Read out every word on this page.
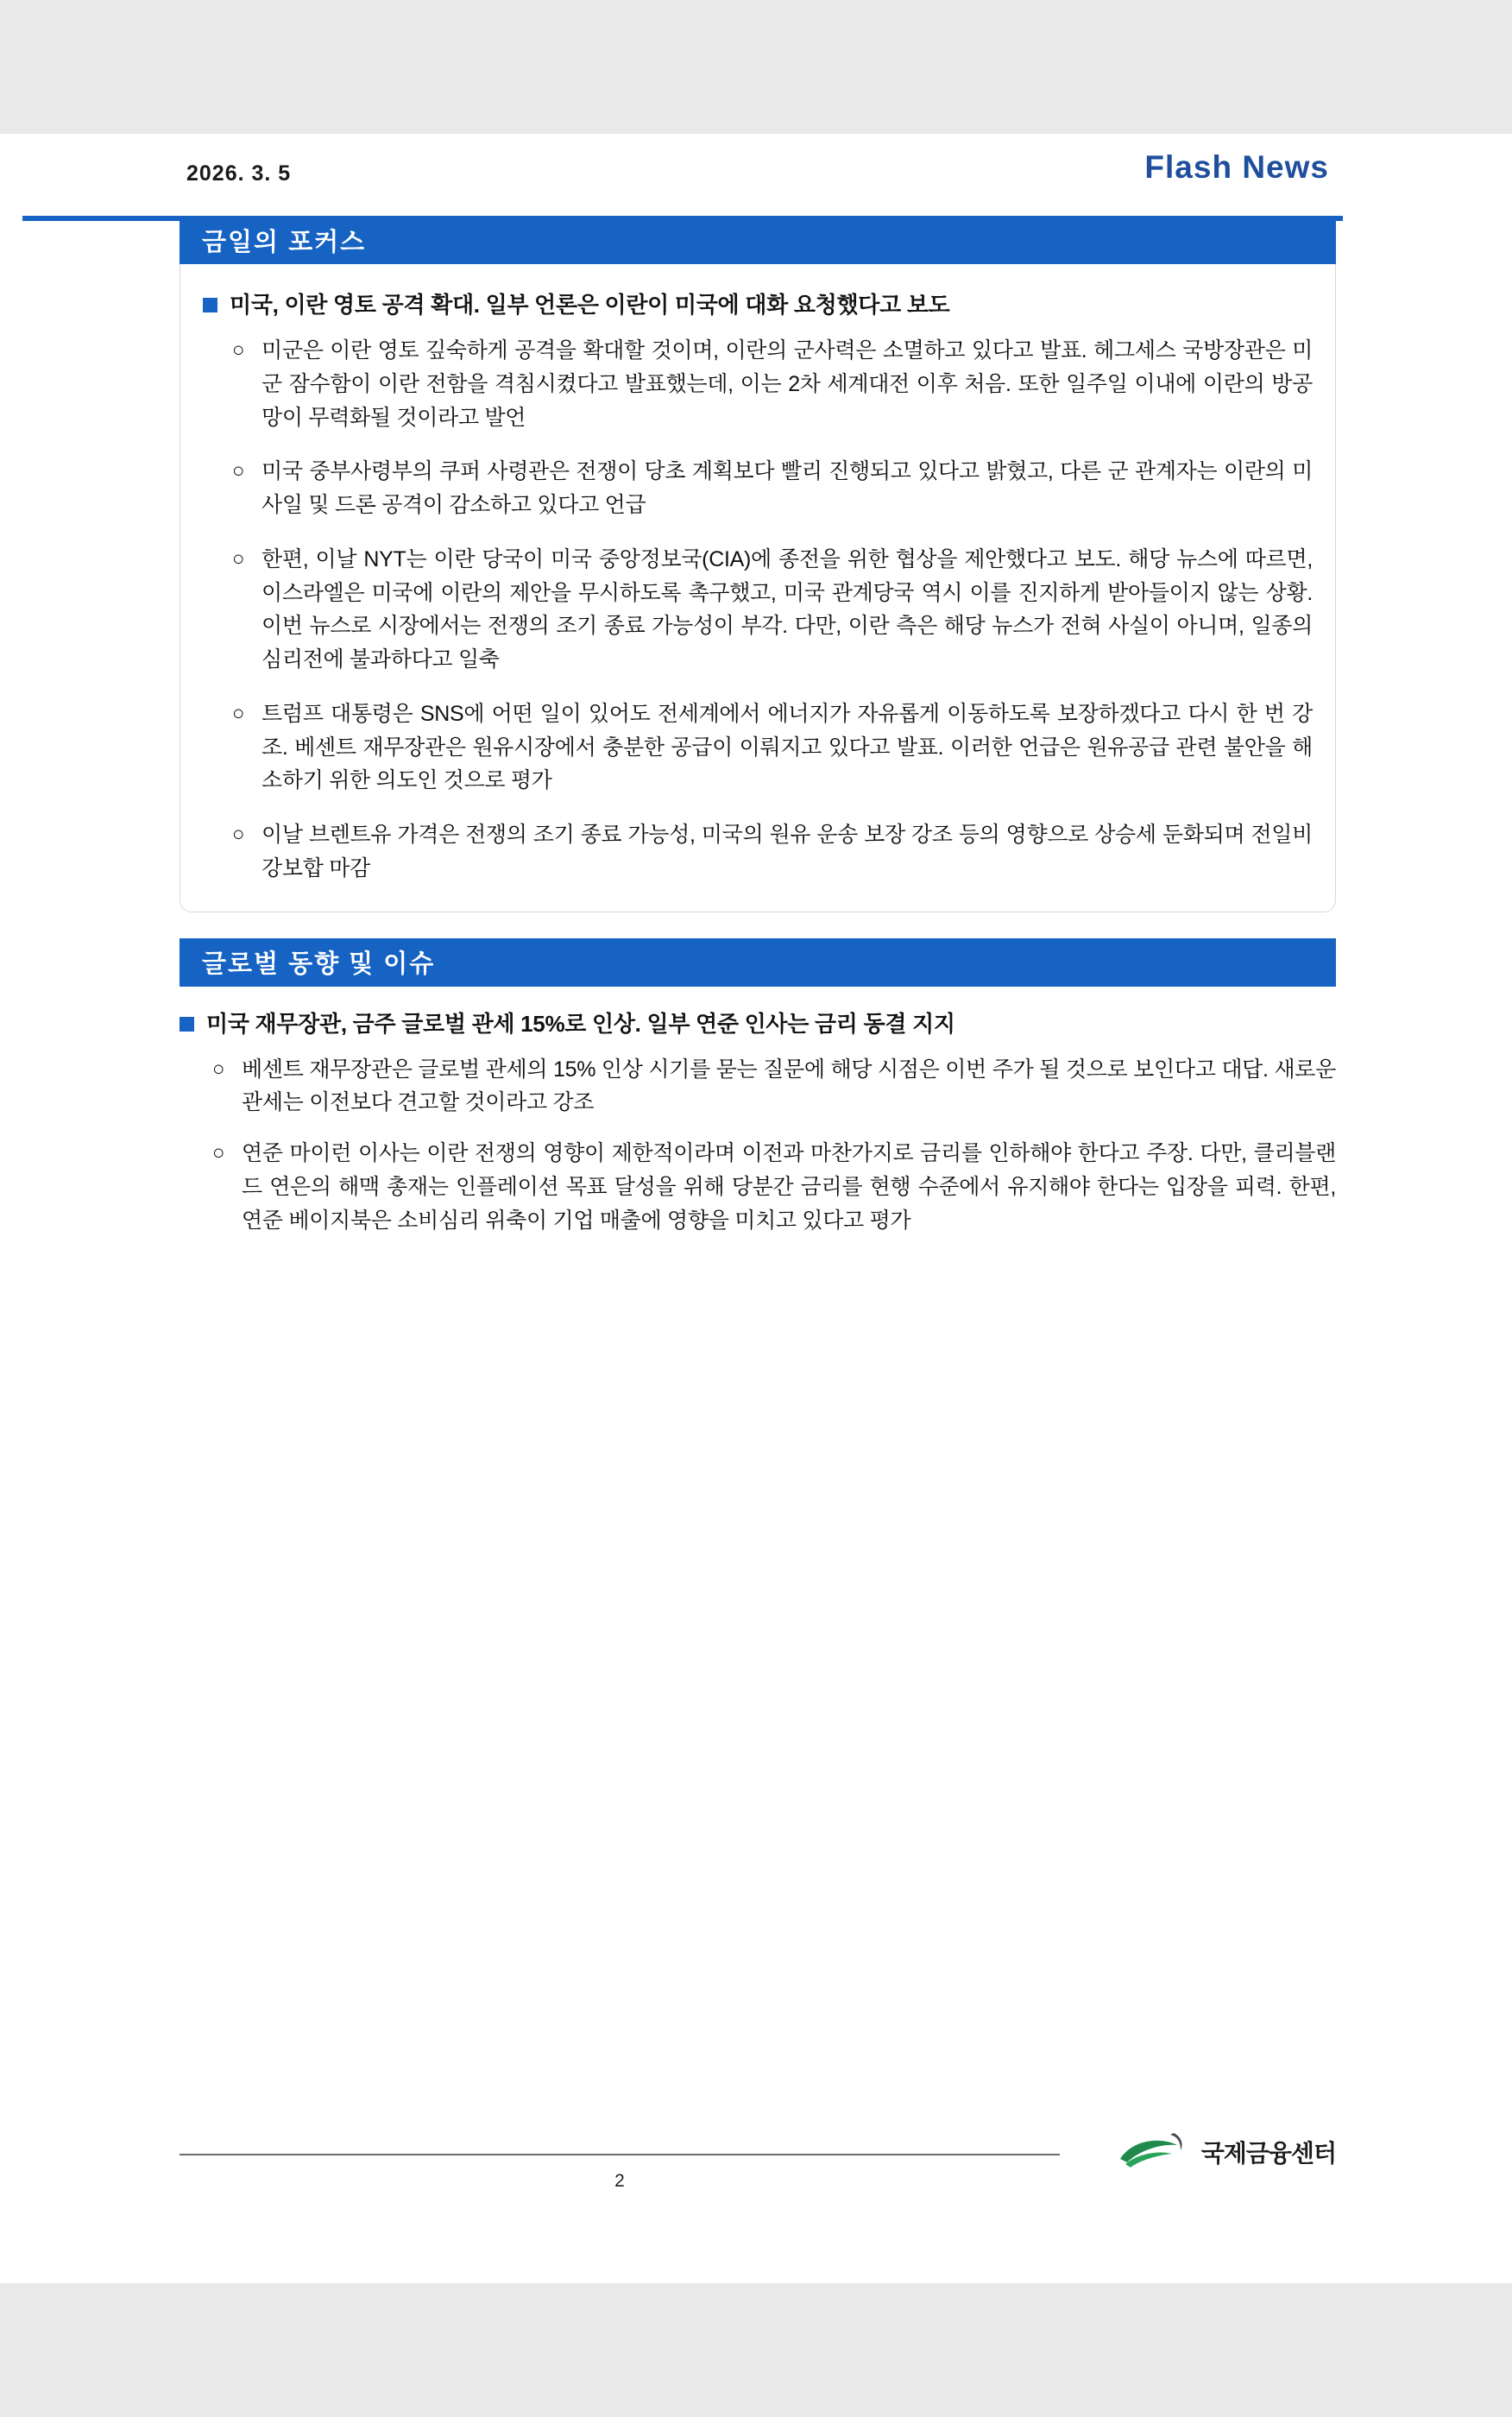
2026. 3. 5	Flash News
금일의 포커스
미국, 이란 영토 공격 확대. 일부 언론은 이란이 미국에 대화 요청했다고 보도
○ 미군은 이란 영토 깊숙하게 공격을 확대할 것이며, 이란의 군사력은 소멸하고 있다고 발표. 헤그세스 국방장관은 미군 잠수함이 이란 전함을 격침시켰다고 발표했는데, 이는 2차 세계대전 이후 처음. 또한 일주일 이내에 이란의 방공망이 무력화될 것이라고 발언
○ 미국 중부사령부의 쿠퍼 사령관은 전쟁이 당초 계획보다 빨리 진행되고 있다고 밝혔고, 다른 군 관계자는 이란의 미사일 및 드론 공격이 감소하고 있다고 언급
○ 한편, 이날 NYT는 이란 당국이 미국 중앙정보국(CIA)에 종전을 위한 협상을 제안했다고 보도. 해당 뉴스에 따르면, 이스라엘은 미국에 이란의 제안을 무시하도록 촉구했고, 미국 관계당국 역시 이를 진지하게 받아들이지 않는 상황. 이번 뉴스로 시장에서는 전쟁의 조기 종료 가능성이 부각. 다만, 이란 측은 해당 뉴스가 전혀 사실이 아니며, 일종의 심리전에 불과하다고 일축
○ 트럼프 대통령은 SNS에 어떤 일이 있어도 전세계에서 에너지가 자유롭게 이동하도록 보장하겠다고 다시 한 번 강조. 베센트 재무장관은 원유시장에서 충분한 공급이 이뤄지고 있다고 발표. 이러한 언급은 원유공급 관련 불안을 해소하기 위한 의도인 것으로 평가
○ 이날 브렌트유 가격은 전쟁의 조기 종료 가능성, 미국의 원유 운송 보장 강조 등의 영향으로 상승세 둔화되며 전일비 강보합 마감
글로벌 동향 및 이슈
미국 재무장관, 금주 글로벌 관세 15%로 인상. 일부 연준 인사는 금리 동결 지지
○ 베센트 재무장관은 글로벌 관세의 15% 인상 시기를 묻는 질문에 해당 시점은 이번 주가 될 것으로 보인다고 대답. 새로운 관세는 이전보다 견고할 것이라고 강조
○ 연준 마이런 이사는 이란 전쟁의 영향이 제한적이라며 이전과 마찬가지로 금리를 인하해야 한다고 주장. 다만, 클리블랜드 연은의 해맥 총재는 인플레이션 목표 달성을 위해 당분간 금리를 현행 수준에서 유지해야 한다는 입장을 피력. 한편, 연준 베이지북은 소비심리 위축이 기업 매출에 영향을 미치고 있다고 평가
2
국제금융센터
